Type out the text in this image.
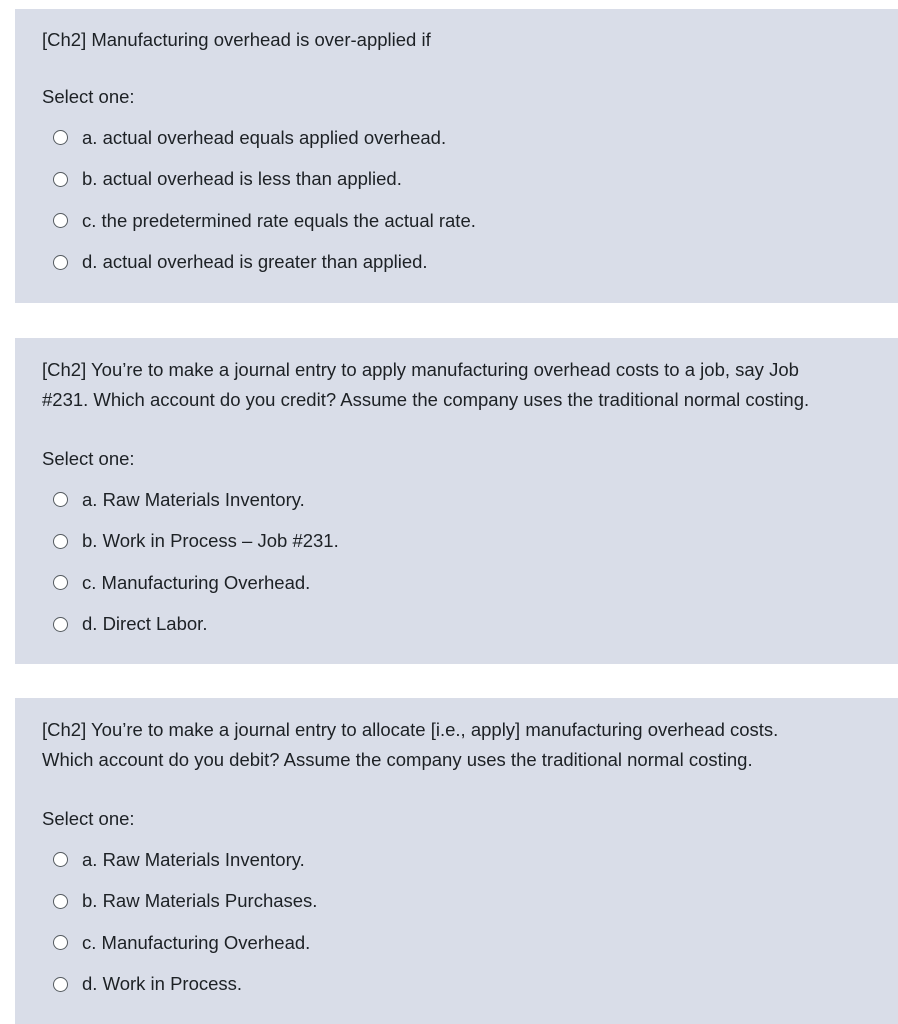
[Ch2] Manufacturing overhead is over-applied if

Select one:

a. actual overhead equals applied overhead.
b. actual overhead is less than applied.
c. the predetermined rate equals the actual rate.
d. actual overhead is greater than applied.

[Ch2] You’re to make a journal entry to apply manufacturing overhead costs to a job, say Job
#231. Which account do you credit? Assume the company uses the traditional normal costing.

Select one:

a. Raw Materials Inventory.
b. Work in Process – Job #231.
c. Manufacturing Overhead.
d. Direct Labor.

[Ch2] You’re to make a journal entry to allocate [i.e., apply] manufacturing overhead costs.
Which account do you debit? Assume the company uses the traditional normal costing.

Select one:

a. Raw Materials Inventory.
b. Raw Materials Purchases.
c. Manufacturing Overhead.
d. Work in Process.
